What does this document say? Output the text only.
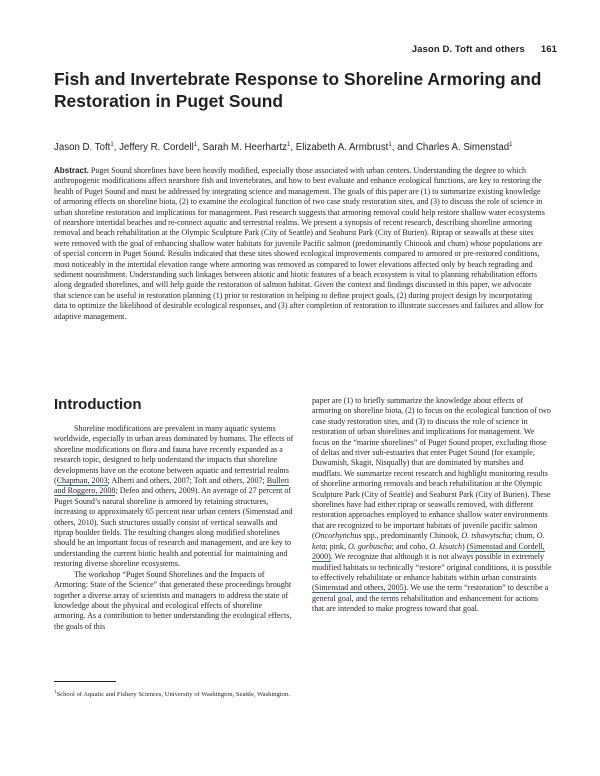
Jason D. Toft and others 161
Fish and Invertebrate Response to Shoreline Armoring and
Restoration in Puget Sound
Jason D. Toft$^1$, Jeffery R. Cordell$^1$, Sarah M. Heerhartz$^1$, Elizabeth A. Armbrust$^1$, and Charles A. Simenstad$^1$

Abstract. Puget Sound shorelines have been heavily modified, especially those associated with urban centers. Understanding the degree to which anthropogenic modifications affect nearshore fish and invertebrates, and how to best evaluate and enhance ecological functions, are key to restoring the health of Puget Sound and must be addressed by integrating science and management. The goals of this paper are (1) to summarize existing knowledge of armoring effects on shoreline biota, (2) to examine the ecological function of two case study restoration sites, and (3) to discuss the role of science in urban shoreline restoration and implications for management. Past research suggests that armoring removal could help restore shallow water ecosystems of nearshore intertidal beaches and re-connect aquatic and terrestrial realms. We present a synopsis of recent research, describing shoreline armoring removal and beach rehabilitation at the Olympic Sculpture Park (City of Seattle) and Seahurst Park (City of Burien). Riprap or seawalls at these sites were removed with the goal of enhancing shallow water habitats for juvenile Pacific salmon (predominantly Chinook and chum) whose populations are of special concern in Puget Sound. Results indicated that these sites showed ecological improvements compared to armored or pre-restored conditions, most noticeably in the intertidal elevation range where armoring was removed as compared to lower elevations affected only by beach regrading and sediment nourishment. Understanding such linkages between abiotic and biotic features of a beach ecosystem is vital to planning rehabilitation efforts along degraded shorelines, and will help guide the restoration of salmon habitat. Given the context and findings discussed in this paper, we advocate that science can be useful in restoration planning (1) prior to restoration in helping to define project goals, (2) during project design by incorporating data to optimize the likelihood of desirable ecological responses, and (3) after completion of restoration to illustrate successes and failures and allow for adaptive management.

Introduction

Shoreline modifications are prevalent in many aquatic systems worldwide, especially in urban areas dominated by humans. The effects of shoreline modifications on flora and fauna have recently expanded as a research topic, designed to help understand the impacts that shoreline developments have on the ecotone between aquatic and terrestrial realms (Chapman, 2003; Alberti and others, 2007; Toft and others, 2007; Bulleri and Roggero, 2008; Defeo and others, 2009). An average of 27 percent of Puget Sound’s natural shoreline is armored by retaining structures, increasing to approximately 65 percent near urban centers (Simenstad and others, 2010). Such structures usually consist of vertical seawalls and riprap boulder fields. The resulting changes along modified shorelines should be an important focus of research and management, and are key to understanding the current biotic health and potential for maintaining and restoring diverse shoreline ecosystems.

The workshop “Puget Sound Shorelines and the Impacts of Armoring: State of the Science” that generated these proceedings brought together a diverse array of scientists and managers to address the state of knowledge about the physical and ecological effects of shoreline armoring. As a contribution to better understanding the ecological effects, the goals of this

paper are (1) to briefly summarize the knowledge about effects of armoring on shoreline biota, (2) to focus on the ecological function of two case study restoration sites, and (3) to discuss the role of science in restoration of urban shorelines and implications for management. We focus on the “marine shorelines” of Puget Sound proper, excluding those of deltas and river sub-estuaries that enter Puget Sound (for example, Duwamish, Skagit, Nisqually) that are dominated by marshes and mudflats. We summarize recent research and highlight monitoring results of shoreline armoring removals and beach rehabilitation at the Olympic Sculpture Park (City of Seattle) and Seahurst Park (City of Burien). These shorelines have had either riprap or seawalls removed, with different restoration approaches employed to enhance shallow water environments that are recognized to be important habitats of juvenile pacific salmon (Oncorhynchus spp., predominantly Chinook, O. tshawytscha; chum, O. keta; pink, O. gorbuscha; and coho, O. kisutch) (Simenstad and Cordell, 2000). We recognize that although it is not always possible in extremely modified habitats to technically “restore” original conditions, it is possible to effectively rehabilitate or enhance habitats within urban constraints (Simenstad and others, 2005). We use the term “restoration” to describe a general goal, and the terms rehabilitation and enhancement for actions that are intended to make progress toward that goal.

$^1$School of Aquatic and Fishery Sciences, University of Washington, Seattle, Washington.
